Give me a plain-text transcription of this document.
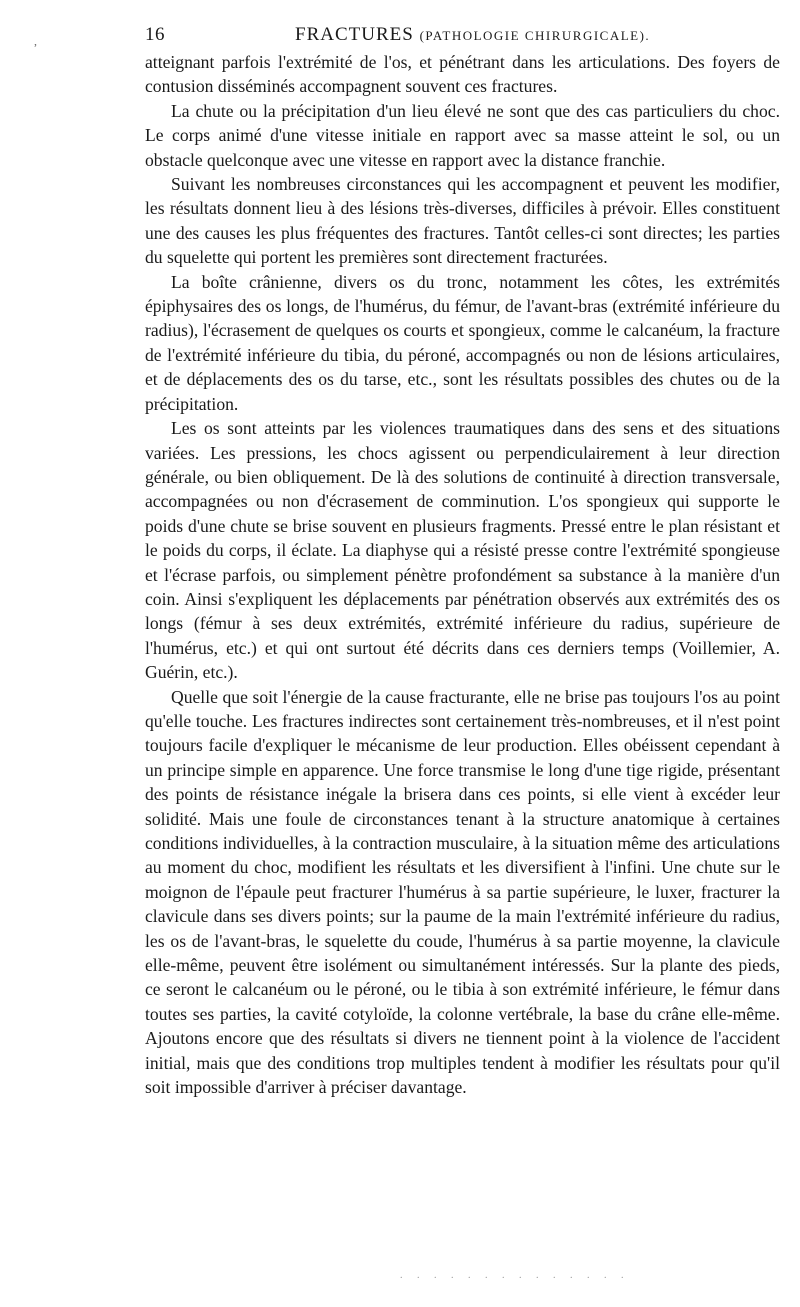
,	16	FRACTURES (PATHOLOGIE CHIRURGICALE).

atteignant parfois l'extrémité de l'os, et pénétrant dans les articulations. Des foyers de contusion disséminés accompagnent souvent ces fractures.

La chute ou la précipitation d'un lieu élevé ne sont que des cas particuliers du choc. Le corps animé d'une vitesse initiale en rapport avec sa masse atteint le sol, ou un obstacle quelconque avec une vitesse en rapport avec la distance franchie.

Suivant les nombreuses circonstances qui les accompagnent et peuvent les modifier, les résultats donnent lieu à des lésions très-diverses, difficiles à prévoir. Elles constituent une des causes les plus fréquentes des fractures. Tantôt celles-ci sont directes; les parties du squelette qui portent les premières sont directement fracturées.

La boîte crânienne, divers os du tronc, notamment les côtes, les extrémités épiphysaires des os longs, de l'humérus, du fémur, de l'avant-bras (extrémité inférieure du radius), l'écrasement de quelques os courts et spongieux, comme le calcanéum, la fracture de l'extrémité inférieure du tibia, du péroné, accompagnés ou non de lésions articulaires, et de déplacements des os du tarse, etc., sont les résultats possibles des chutes ou de la précipitation.

Les os sont atteints par les violences traumatiques dans des sens et des situations variées. Les pressions, les chocs agissent ou perpendiculairement à leur direction générale, ou bien obliquement. De là des solutions de continuité à direction transversale, accompagnées ou non d'écrasement de comminution. L'os spongieux qui supporte le poids d'une chute se brise souvent en plusieurs fragments. Pressé entre le plan résistant et le poids du corps, il éclate. La diaphyse qui a résisté presse contre l'extrémité spongieuse et l'écrase parfois, ou simplement pénètre profondément sa substance à la manière d'un coin. Ainsi s'expliquent les déplacements par pénétration observés aux extrémités des os longs (fémur à ses deux extrémités, extrémité inférieure du radius, supérieure de l'humérus, etc.) et qui ont surtout été décrits dans ces derniers temps (Voillemier, A. Guérin, etc.).

Quelle que soit l'énergie de la cause fracturante, elle ne brise pas toujours l'os au point qu'elle touche. Les fractures indirectes sont certainement très-nombreuses, et il n'est point toujours facile d'expliquer le mécanisme de leur production. Elles obéissent cependant à un principe simple en apparence. Une force transmise le long d'une tige rigide, présentant des points de résistance inégale la brisera dans ces points, si elle vient à excéder leur solidité. Mais une foule de circonstances tenant à la structure anatomique à certaines conditions individuelles, à la contraction musculaire, à la situation même des articulations au moment du choc, modifient les résultats et les diversifient à l'infini. Une chute sur le moignon de l'épaule peut fracturer l'humérus à sa partie supérieure, le luxer, fracturer la clavicule dans ses divers points; sur la paume de la main l'extrémité inférieure du radius, les os de l'avant-bras, le squelette du coude, l'humérus à sa partie moyenne, la clavicule elle-même, peuvent être isolément ou simultanément intéressés. Sur la plante des pieds, ce seront le calcanéum ou le péroné, ou le tibia à son extrémité inférieure, le fémur dans toutes ses parties, la cavité cotyloïde, la colonne vertébrale, la base du crâne elle-même. Ajoutons encore que des résultats si divers ne tiennent point à la violence de l'accident initial, mais que des conditions trop multiples tendent à modifier les résultats pour qu'il soit impossible d'arriver à préciser davantage.

. . . . . . . . . . . . . .
